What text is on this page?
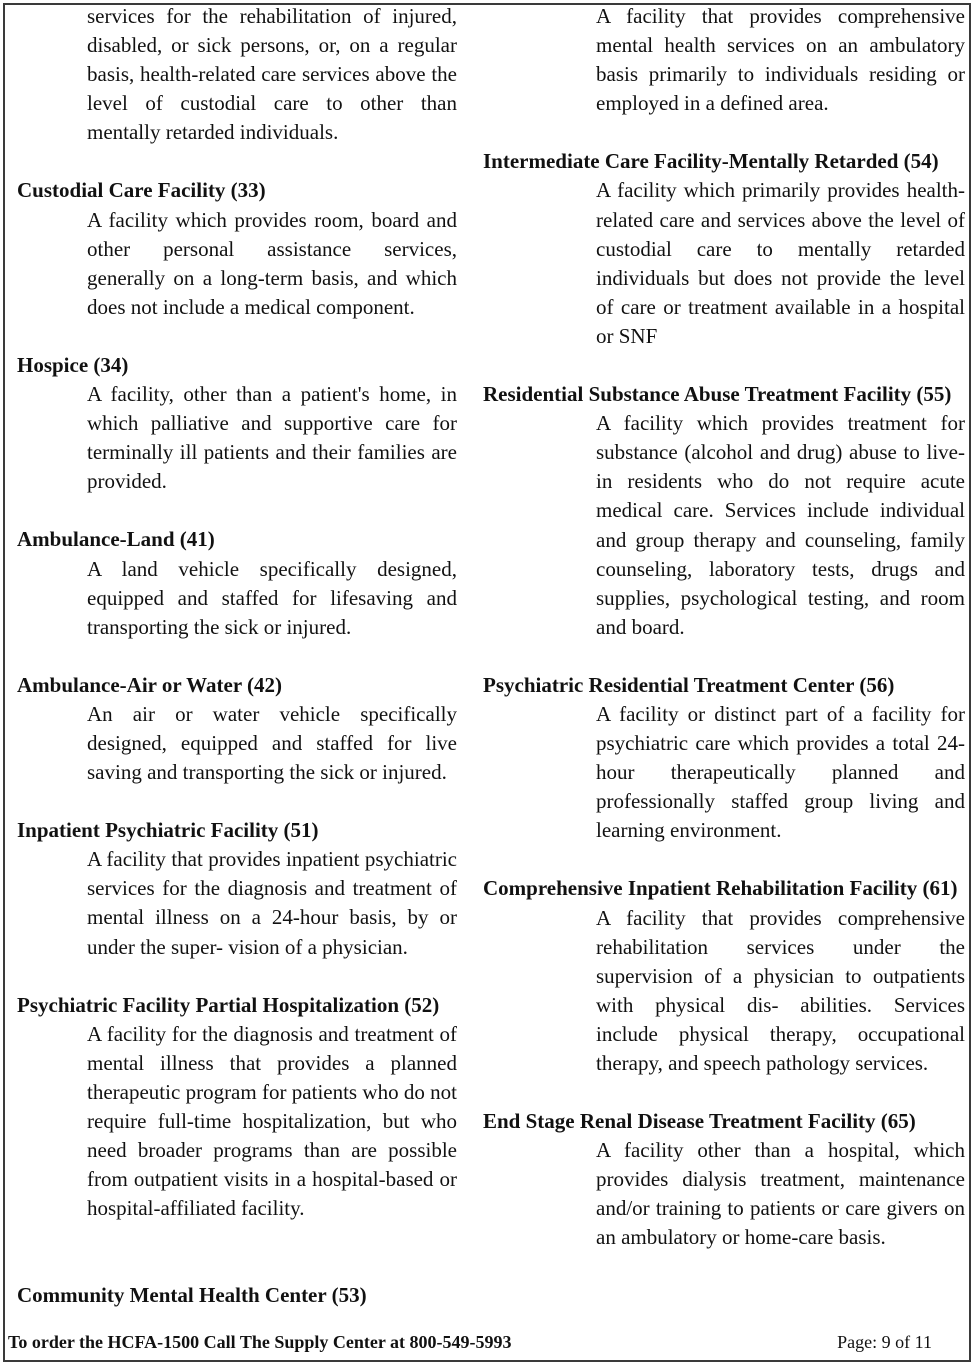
services for the rehabilitation of injured, disabled, or sick persons, or, on a regular basis, health-related care services above the level of custodial care to other than mentally retarded individuals.

Custodial Care Facility (33)

A facility which provides room, board and other personal assistance services, generally on a long-term basis, and which does not include a medical component.

Hospice (34)

A facility, other than a patient's home, in which palliative and supportive care for terminally ill patients and their families are provided.

Ambulance-Land (41)

A land vehicle specifically designed, equipped and staffed for lifesaving and transporting the sick or injured.

Ambulance-Air or Water (42)

An air or water vehicle specifically designed, equipped and staffed for live saving and transporting the sick or injured.

Inpatient Psychiatric Facility (51)

A facility that provides inpatient psychiatric services for the diagnosis and treatment of mental illness on a 24-hour basis, by or under the super- vision of a physician.

Psychiatric Facility Partial Hospitalization (52)

A facility for the diagnosis and treatment of mental illness that provides a planned therapeutic program for patients who do not require full-time hospitalization, but who need broader programs than are possible from outpatient visits in a hospital-based or hospital-affiliated facility.

Community Mental Health Center (53)

A facility that provides comprehensive mental health services on an ambulatory basis primarily to individuals residing or employed in a defined area.

Intermediate Care Facility-Mentally Retarded (54)

A facility which primarily provides health-related care and services above the level of custodial care to mentally retarded individuals but does not provide the level of care or treatment available in a hospital or SNF

Residential Substance Abuse Treatment Facility (55)

A facility which provides treatment for substance (alcohol and drug) abuse to live-in residents who do not require acute medical care. Services include individual and group therapy and counseling, family counseling, laboratory tests, drugs and supplies, psychological testing, and room and board.

Psychiatric Residential Treatment Center (56)

A facility or distinct part of a facility for psychiatric care which provides a total 24-hour therapeutically planned and professionally staffed group living and learning environment.

Comprehensive Inpatient Rehabilitation Facility (61)

A facility that provides comprehensive rehabilitation services under the supervision of a physician to outpatients with physical dis- abilities. Services include physical therapy, occupational therapy, and speech pathology services.

End Stage Renal Disease Treatment Facility (65)

A facility other than a hospital, which provides dialysis treatment, maintenance and/or training to patients or care givers on an ambulatory or home-care basis.

To order the HCFA-1500 Call The Supply Center at 800-549-5993	Page: 9 of 11
